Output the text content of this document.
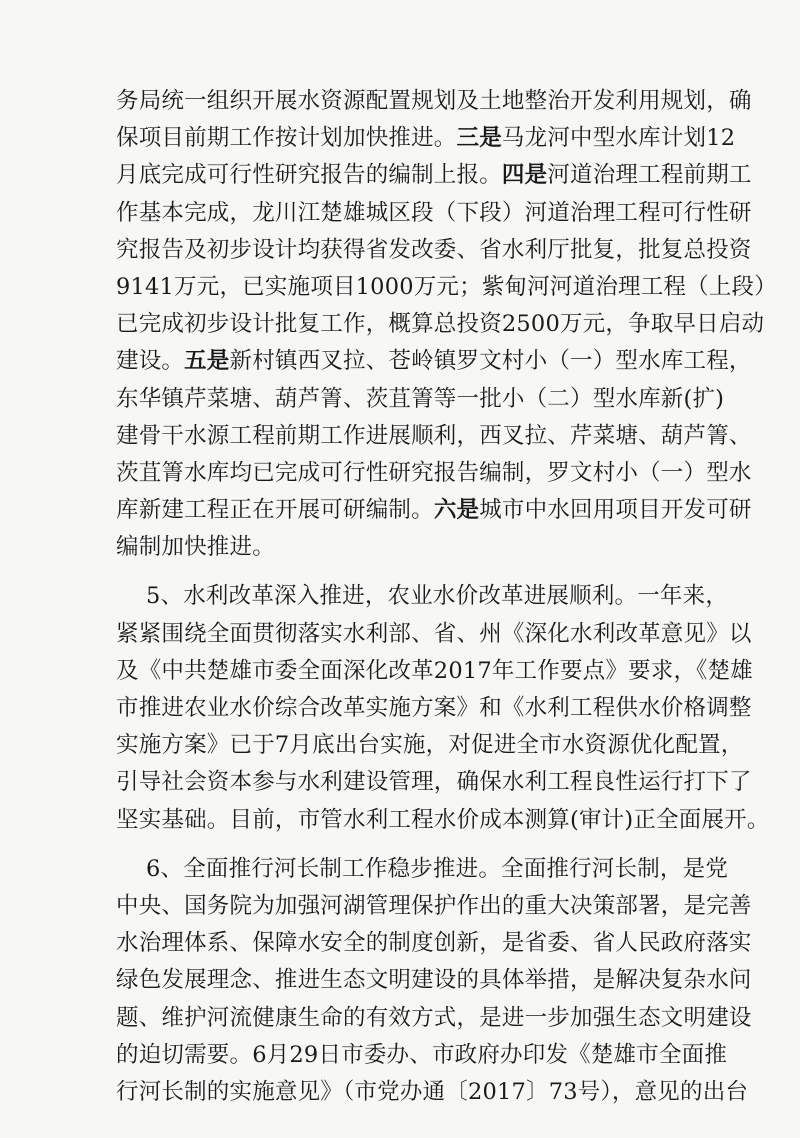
务局统一组织开展水资源配置规划及土地整治开发利用规划，确
保项目前期工作按计划加快推进。三是马龙河中型水库计划12
月底完成可行性研究报告的编制上报。四是河道治理工程前期工
作基本完成，龙川江楚雄城区段（下段）河道治理工程可行性研
究报告及初步设计均获得省发改委、省水利厅批复，批复总投资
9141万元，已实施项目1000万元；紫甸河河道治理工程（上段）
已完成初步设计批复工作，概算总投资2500万元，争取早日启动
建设。五是新村镇西叉拉、苍岭镇罗文村小（一）型水库工程，
东华镇芹菜塘、葫芦箐、茨苴箐等一批小（二）型水库新(扩)
建骨干水源工程前期工作进展顺利，西叉拉、芹菜塘、葫芦箐、
茨苴箐水库均已完成可行性研究报告编制，罗文村小（一）型水
库新建工程正在开展可研编制。六是城市中水回用项目开发可研
编制加快推进。
5、水利改革深入推进，农业水价改革进展顺利。一年来，
紧紧围绕全面贯彻落实水利部、省、州《深化水利改革意见》以
及《中共楚雄市委全面深化改革2017年工作要点》要求，《楚雄
市推进农业水价综合改革实施方案》和《水利工程供水价格调整
实施方案》已于7月底出台实施，对促进全市水资源优化配置，
引导社会资本参与水利建设管理，确保水利工程良性运行打下了
坚实基础。目前，市管水利工程水价成本测算(审计)正全面展开。
6、全面推行河长制工作稳步推进。全面推行河长制，是党
中央、国务院为加强河湖管理保护作出的重大决策部署，是完善
水治理体系、保障水安全的制度创新，是省委、省人民政府落实
绿色发展理念、推进生态文明建设的具体举措，是解决复杂水问
题、维护河流健康生命的有效方式，是进一步加强生态文明建设
的迫切需要。6月29日市委办、市政府办印发《楚雄市全面推
行河长制的实施意见》（市党办通〔2017〕73号），意见的出台
